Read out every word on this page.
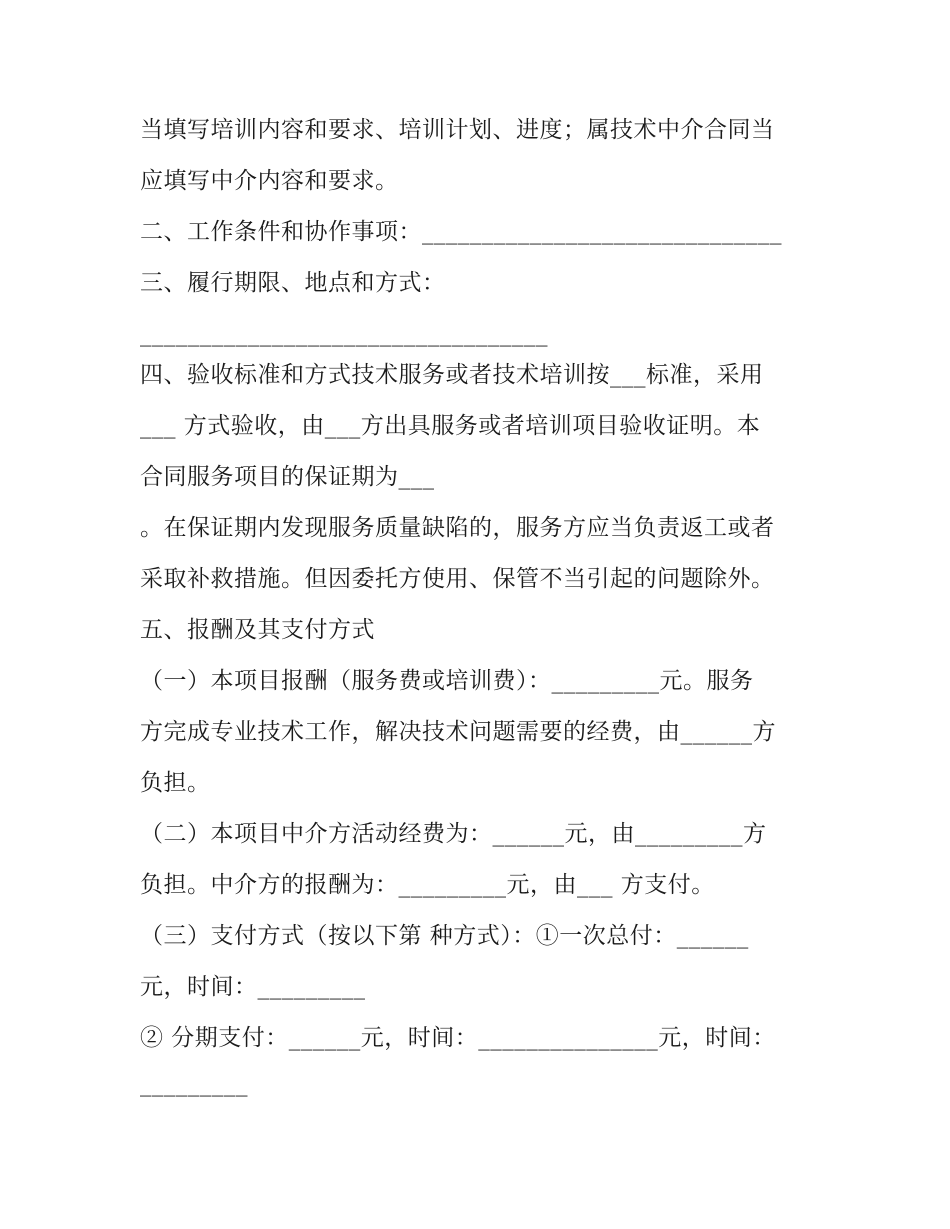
当填写培训内容和要求、培训计划、进度；属技术中介合同当
应填写中介内容和要求。
二、工作条件和协作事项：______________________________
三、履行期限、地点和方式：
__________________________________
四、验收标准和方式技术服务或者技术培训按___标准，采用
___ 方式验收，由___方出具服务或者培训项目验收证明。本
合同服务项目的保证期为___
。在保证期内发现服务质量缺陷的，服务方应当负责返工或者
采取补救措施。但因委托方使用、保管不当引起的问题除外。
五、报酬及其支付方式
（一）本项目报酬（服务费或培训费）：_________元。服务
方完成专业技术工作，解决技术问题需要的经费，由______方
负担。
（二）本项目中介方活动经费为：______元，由_________方
负担。中介方的报酬为：_________元，由___ 方支付。
（三）支付方式（按以下第 种方式）：①一次总付：______
元，时间：_________
② 分期支付：______元，时间：_______________元，时间：
_________
